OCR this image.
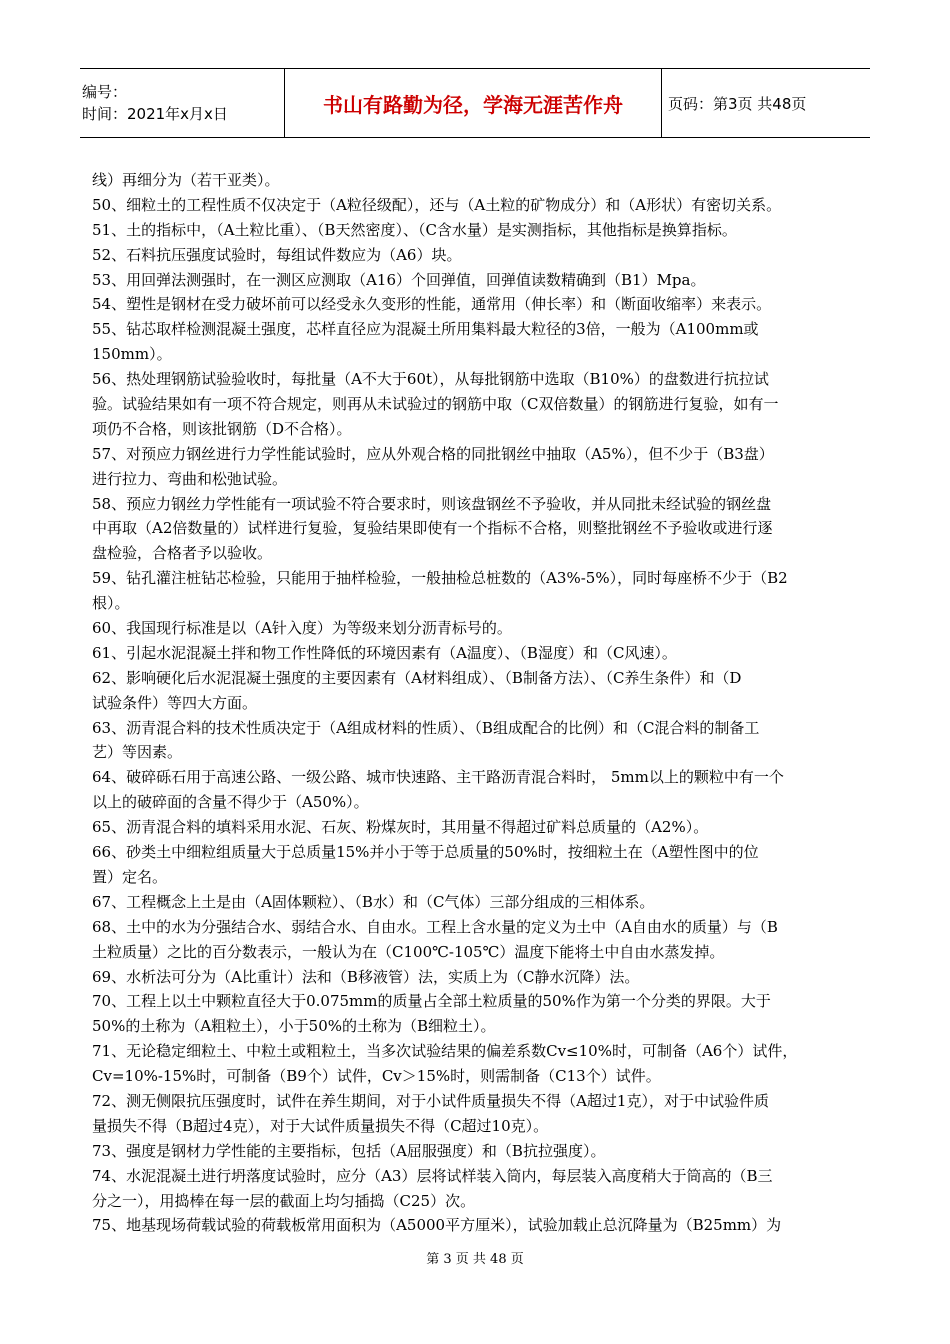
编号：
时间：2021年x月x日	书山有路勤为径，学海无涯苦作舟	页码：第3页 共48页
线）再细分为（若干亚类）。
50、细粒土的工程性质不仅决定于（A粒径级配），还与（A土粒的矿物成分）和（A形状）有密切关系。
51、土的指标中，（A土粒比重）、（B天然密度）、（C含水量）是实测指标，其他指标是换算指标。
52、石料抗压强度试验时，每组试件数应为（A6）块。
53、用回弹法测强时，在一测区应测取（A16）个回弹值，回弹值读数精确到（B1）Mpa。
54、塑性是钢材在受力破坏前可以经受永久变形的性能，通常用（伸长率）和（断面收缩率）来表示。
55、钻芯取样检测混凝土强度，芯样直径应为混凝土所用集料最大粒径的3倍，一般为（A100mm或
150mm）。
56、热处理钢筋试验验收时，每批量（A不大于60t），从每批钢筋中选取（B10%）的盘数进行抗拉试
验。试验结果如有一项不符合规定，则再从未试验过的钢筋中取（C双倍数量）的钢筋进行复验，如有一
项仍不合格，则该批钢筋（D不合格）。
57、对预应力钢丝进行力学性能试验时，应从外观合格的同批钢丝中抽取（A5%），但不少于（B3盘）
进行拉力、弯曲和松弛试验。
58、预应力钢丝力学性能有一项试验不符合要求时，则该盘钢丝不予验收，并从同批未经试验的钢丝盘
中再取（A2倍数量的）试样进行复验，复验结果即使有一个指标不合格，则整批钢丝不予验收或进行逐
盘检验，合格者予以验收。
59、钻孔灌注桩钻芯检验，只能用于抽样检验，一般抽检总桩数的（A3%-5%），同时每座桥不少于（B2
根）。
60、我国现行标准是以（A针入度）为等级来划分沥青标号的。
61、引起水泥混凝土拌和物工作性降低的环境因素有（A温度）、（B湿度）和（C风速）。
62、影响硬化后水泥混凝土强度的主要因素有（A材料组成）、（B制备方法）、（C养生条件）和（D
试验条件）等四大方面。
63、沥青混合料的技术性质决定于（A组成材料的性质）、（B组成配合的比例）和（C混合料的制备工
艺）等因素。
64、破碎砾石用于高速公路、一级公路、城市快速路、主干路沥青混合料时， 5mm以上的颗粒中有一个
以上的破碎面的含量不得少于（A50%）。
65、沥青混合料的填料采用水泥、石灰、粉煤灰时，其用量不得超过矿料总质量的（A2%）。
66、砂类土中细粒组质量大于总质量15%并小于等于总质量的50%时，按细粒土在（A塑性图中的位
置）定名。
67、工程概念上土是由（A固体颗粒）、（B水）和（C气体）三部分组成的三相体系。
68、土中的水为分强结合水、弱结合水、自由水。工程上含水量的定义为土中（A自由水的质量）与（B
土粒质量）之比的百分数表示，一般认为在（C100℃-105℃）温度下能将土中自由水蒸发掉。
69、水析法可分为（A比重计）法和（B移液管）法，实质上为（C静水沉降）法。
70、工程上以土中颗粒直径大于0.075mm的质量占全部土粒质量的50%作为第一个分类的界限。大于
50%的土称为（A粗粒土），小于50%的土称为（B细粒土）。
71、无论稳定细粒土、中粒土或粗粒土，当多次试验结果的偏差系数Cv≤10%时，可制备（A6个）试件，
Cv=10%-15%时，可制备（B9个）试件，Cv＞15%时，则需制备（C13个）试件。
72、测无侧限抗压强度时，试件在养生期间，对于小试件质量损失不得（A超过1克），对于中试验件质
量损失不得（B超过4克），对于大试件质量损失不得（C超过10克）。
73、强度是钢材力学性能的主要指标，包括（A屈服强度）和（B抗拉强度）。
74、水泥混凝土进行坍落度试验时，应分（A3）层将试样装入筒内，每层装入高度稍大于筒高的（B三
分之一），用捣棒在每一层的截面上均匀插捣（C25）次。
75、地基现场荷载试验的荷载板常用面积为（A5000平方厘米），试验加载止总沉降量为（B25mm）为
第 3 页 共 48 页
